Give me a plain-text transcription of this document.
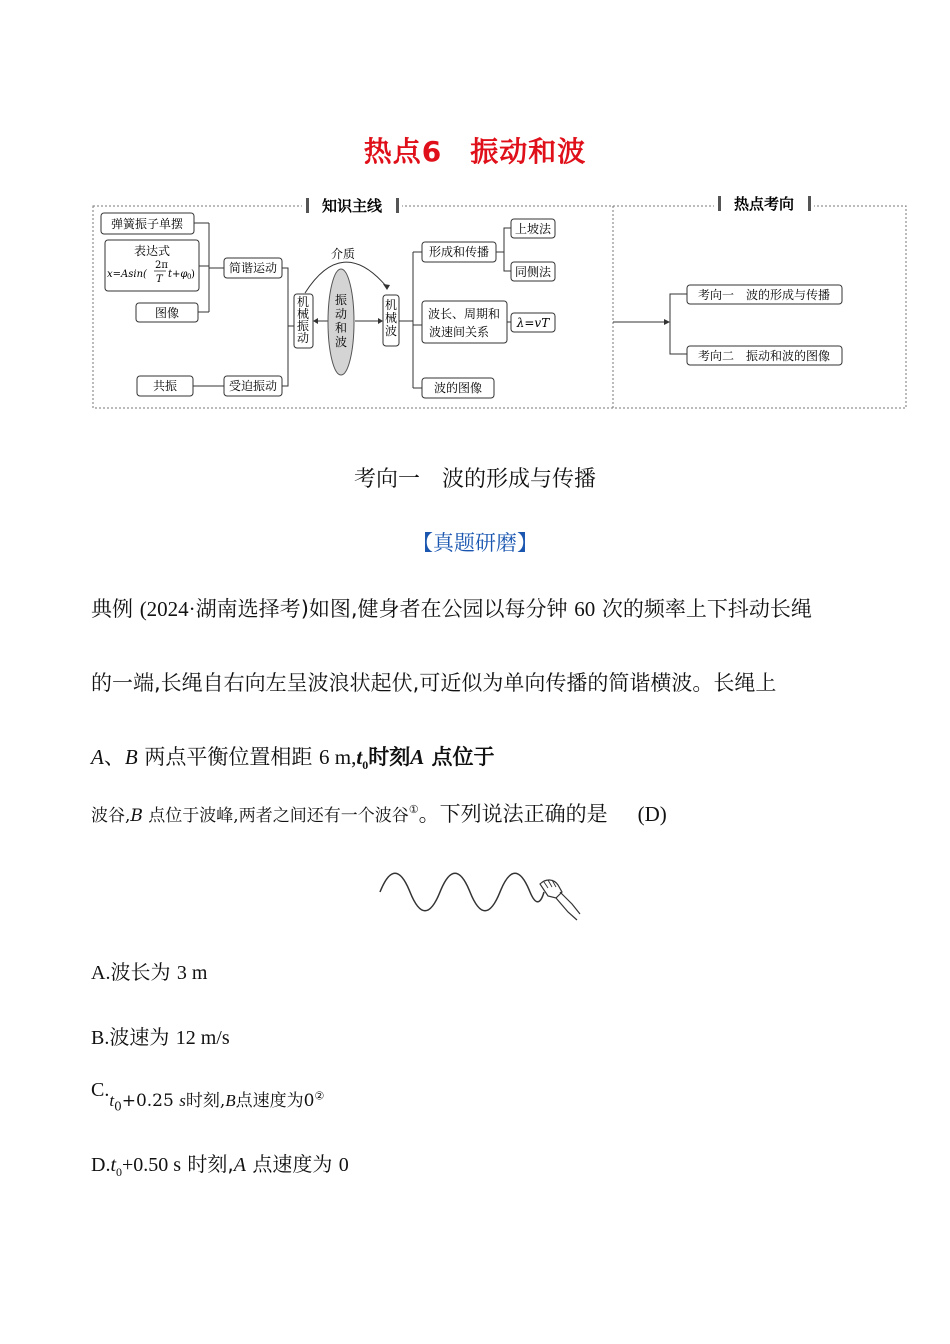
热点6 振动和波
知识主线	热点考向
弹簧振子单摆
表达式
x=Asin(
2π
T t+φ 0 )
图像
简谐运动
共振	受迫振动
机
械
振
动
振
动
和
波
介质
机
械
波
形成和传播
上坡法
同侧法
波长、周期和
波速间关系
λ=vT
波的图像
考向一　波的形成与传播
考向二　振动和波的图像
考向一 波的形成与传播
【真题研磨】
典例 (2024·湖南选择考)如图,健身者在公园以每分钟 60 次的频率上下抖动长绳
的一端,长绳自右向左呈波浪状起伏,可近似为单向传播的简谐横波。长绳上
A、B 两点平衡位置相距 6 $m,t_0$时刻A 点位于
波谷,B 点位于波峰,两者之间还有一个波谷①。下列说法正确的是 (D)
A.波长为 3 m
B.波速为 12 m/s
$C._{t_0+0.25 s时刻,B点速度为0^②}$
$D.t_0+0.50$ s 时刻,A 点速度为 0
